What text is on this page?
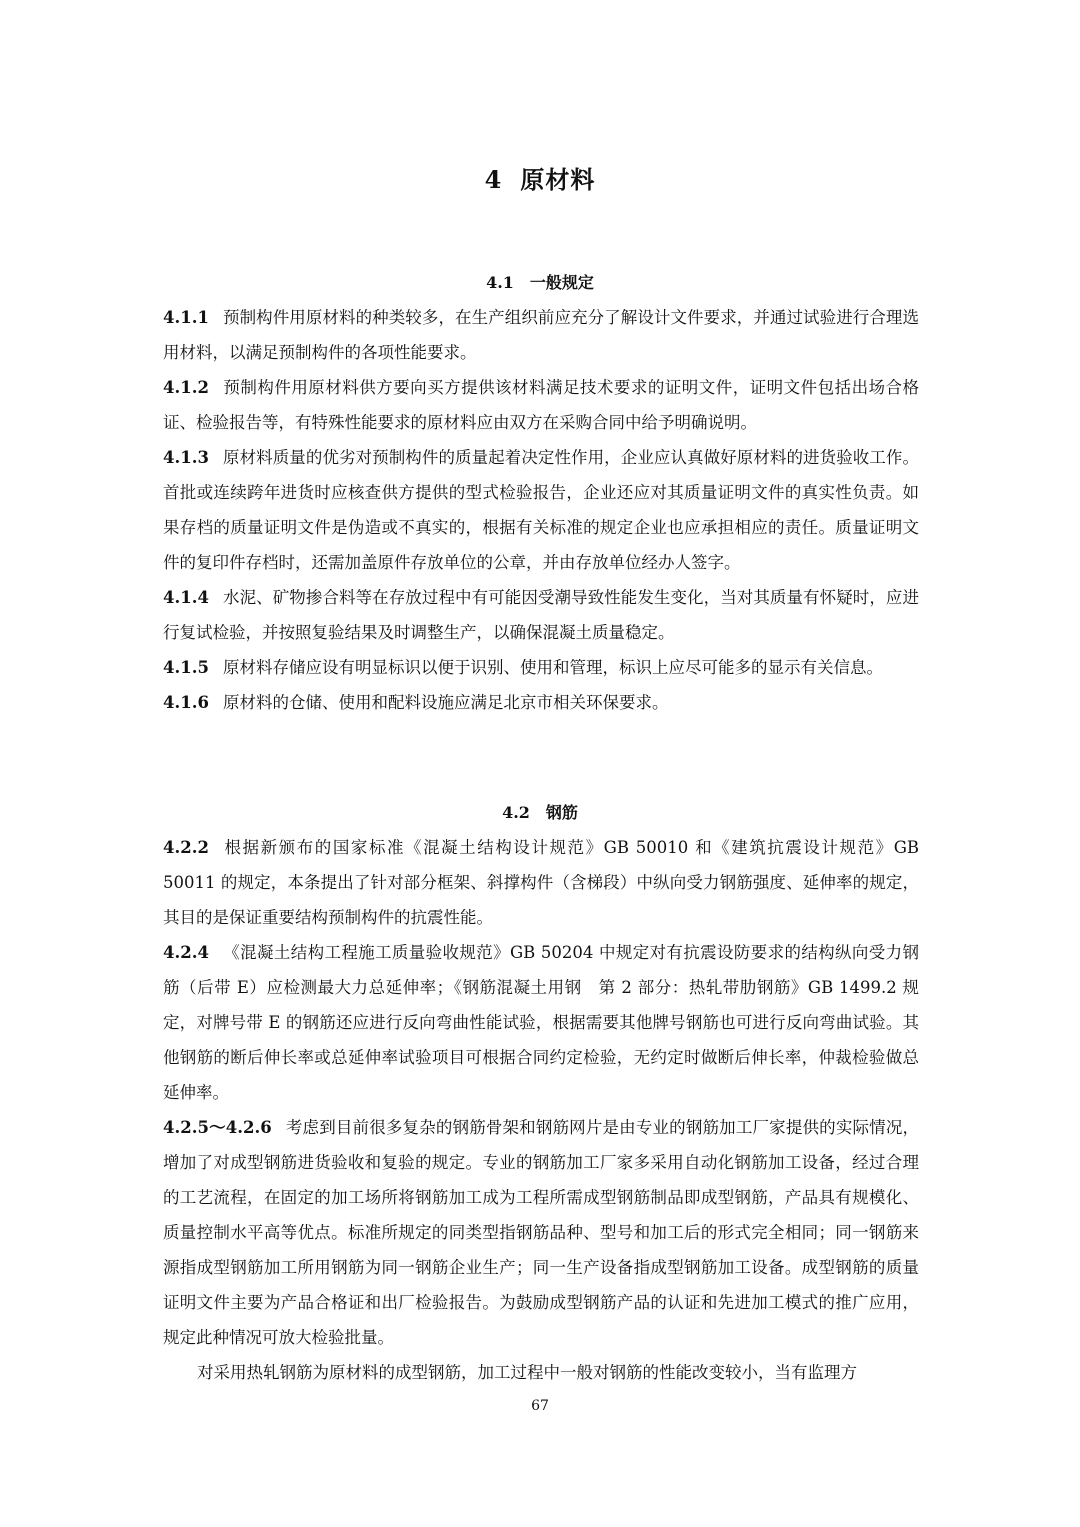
4 原材料
4.1 一般规定

4.1.1 预制构件用原材料的种类较多，在生产组织前应充分了解设计文件要求，并通过试验进行合理选用材料，以满足预制构件的各项性能要求。

4.1.2 预制构件用原材料供方要向买方提供该材料满足技术要求的证明文件，证明文件包括出场合格证、检验报告等，有特殊性能要求的原材料应由双方在采购合同中给予明确说明。

4.1.3 原材料质量的优劣对预制构件的质量起着决定性作用，企业应认真做好原材料的进货验收工作。首批或连续跨年进货时应核查供方提供的型式检验报告，企业还应对其质量证明文件的真实性负责。如果存档的质量证明文件是伪造或不真实的，根据有关标准的规定企业也应承担相应的责任。质量证明文件的复印件存档时，还需加盖原件存放单位的公章，并由存放单位经办人签字。

4.1.4 水泥、矿物掺合料等在存放过程中有可能因受潮导致性能发生变化，当对其质量有怀疑时，应进行复试检验，并按照复验结果及时调整生产，以确保混凝土质量稳定。

4.1.5 原材料存储应设有明显标识以便于识别、使用和管理，标识上应尽可能多的显示有关信息。

4.1.6 原材料的仓储、使用和配料设施应满足北京市相关环保要求。

4.2 钢筋

4.2.2 根据新颁布的国家标准《混凝土结构设计规范》GB 50010 和《建筑抗震设计规范》GB 50011 的规定，本条提出了针对部分框架、斜撑构件（含梯段）中纵向受力钢筋强度、延伸率的规定，其目的是保证重要结构预制构件的抗震性能。

4.2.4 《混凝土结构工程施工质量验收规范》GB 50204 中规定对有抗震设防要求的结构纵向受力钢筋（后带 E）应检测最大力总延伸率；《钢筋混凝土用钢　第 2 部分：热轧带肋钢筋》GB 1499.2 规定，对牌号带 E 的钢筋还应进行反向弯曲性能试验，根据需要其他牌号钢筋也可进行反向弯曲试验。其他钢筋的断后伸长率或总延伸率试验项目可根据合同约定检验，无约定时做断后伸长率，仲裁检验做总延伸率。

4.2.5～4.2.6 考虑到目前很多复杂的钢筋骨架和钢筋网片是由专业的钢筋加工厂家提供的实际情况，增加了对成型钢筋进货验收和复验的规定。专业的钢筋加工厂家多采用自动化钢筋加工设备，经过合理的工艺流程，在固定的加工场所将钢筋加工成为工程所需成型钢筋制品即成型钢筋，产品具有规模化、质量控制水平高等优点。标准所规定的同类型指钢筋品种、型号和加工后的形式完全相同；同一钢筋来源指成型钢筋加工所用钢筋为同一钢筋企业生产；同一生产设备指成型钢筋加工设备。成型钢筋的质量证明文件主要为产品合格证和出厂检验报告。为鼓励成型钢筋产品的认证和先进加工模式的推广应用，规定此种情况可放大检验批量。

对采用热轧钢筋为原材料的成型钢筋，加工过程中一般对钢筋的性能改变较小，当有监理方

67
